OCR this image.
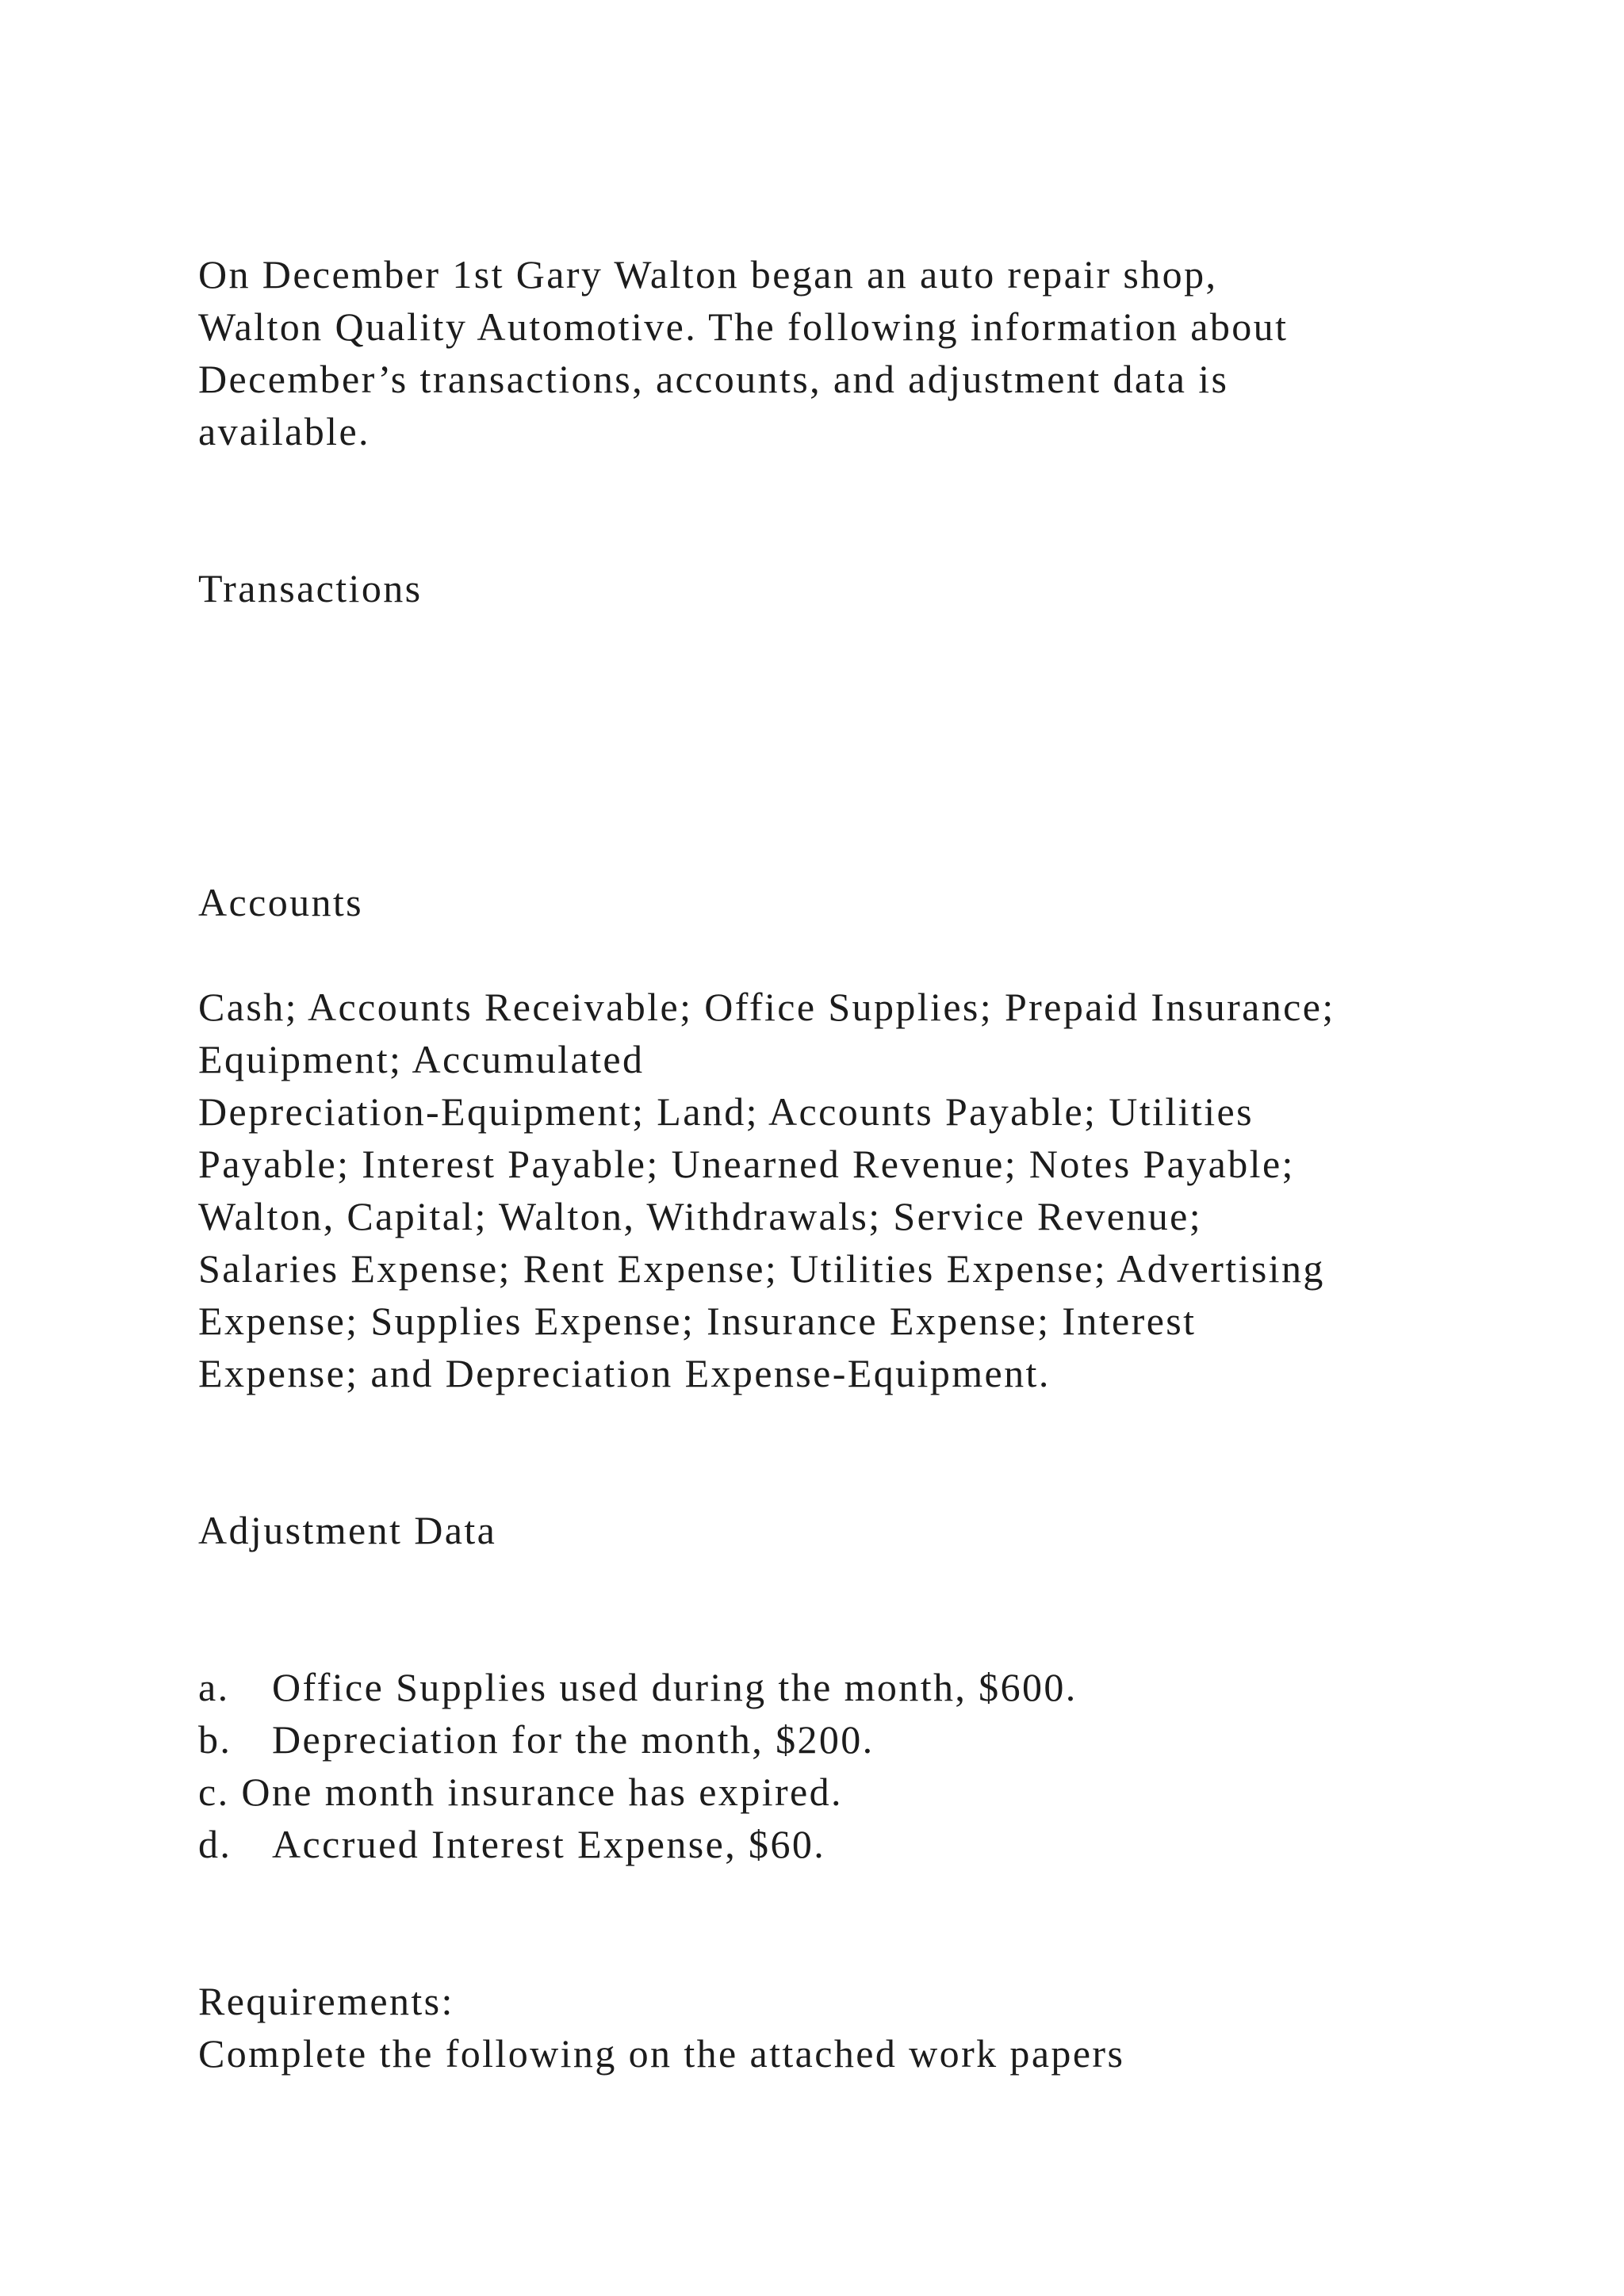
On December 1st Gary Walton began an auto repair shop,
Walton Quality Automotive. The following information about
December’s transactions, accounts, and adjustment data is
available.
Transactions
Accounts
Cash; Accounts Receivable; Office Supplies; Prepaid Insurance;
Equipment; Accumulated
Depreciation-Equipment; Land; Accounts Payable; Utilities
Payable; Interest Payable; Unearned Revenue; Notes Payable;
Walton, Capital; Walton, Withdrawals; Service Revenue;
Salaries Expense; Rent Expense; Utilities Expense; Advertising
Expense; Supplies Expense; Insurance Expense; Interest
Expense; and Depreciation Expense-Equipment.
Adjustment Data
a. Office Supplies used during the month, $600.
b. Depreciation for the month, $200.
c. One month insurance has expired.
d. Accrued Interest Expense, $60.
Requirements:
Complete the following on the attached work papers
